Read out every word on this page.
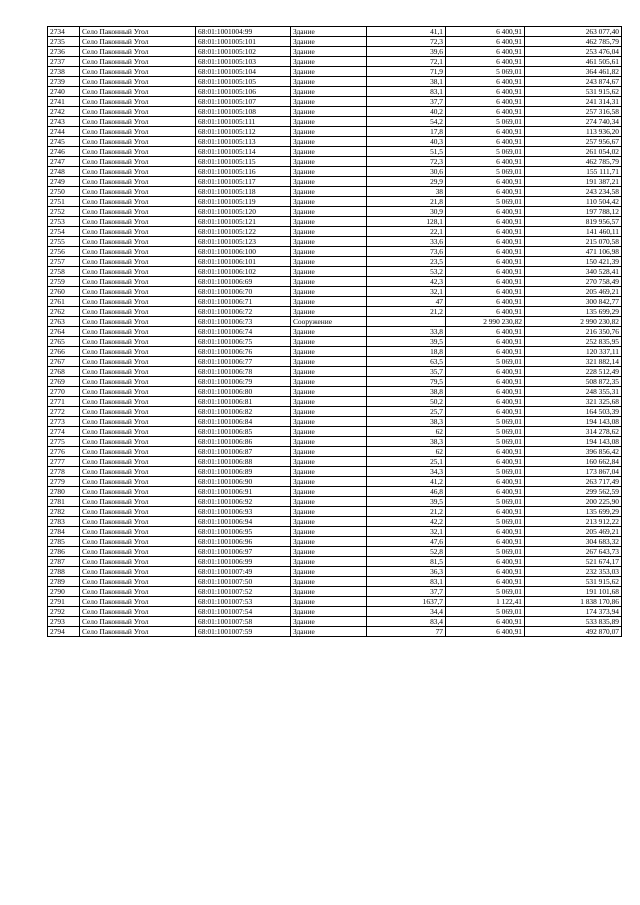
2734	Село Паконный Угол	68:01:1001004:99	Здание	41,1	6 400,91	263 077,40
2735	Село Паконный Угол	68:01:1001005:101	Здание	72,3	6 400,91	462 785,79
2736	Село Паконный Угол	68:01:1001005:102	Здание	39,6	6 400,91	253 476,04
2737	Село Паконный Угол	68:01:1001005:103	Здание	72,1	6 400,91	461 505,61
2738	Село Паконный Угол	68:01:1001005:104	Здание	71,9	5 069,01	364 461,82
2739	Село Паконный Угол	68:01:1001005:105	Здание	38,1	6 400,91	243 874,67
2740	Село Паконный Угол	68:01:1001005:106	Здание	83,1	6 400,91	531 915,62
2741	Село Паконный Угол	68:01:1001005:107	Здание	37,7	6 400,91	241 314,31
2742	Село Паконный Угол	68:01:1001005:108	Здание	40,2	6 400,91	257 316,58
2743	Село Паконный Угол	68:01:1001005:111	Здание	54,2	5 069,01	274 740,34
2744	Село Паконный Угол	68:01:1001005:112	Здание	17,8	6 400,91	113 936,20
2745	Село Паконный Угол	68:01:1001005:113	Здание	40,3	6 400,91	257 956,67
2746	Село Паконный Угол	68:01:1001005:114	Здание	51,5	5 069,01	261 054,02
2747	Село Паконный Угол	68:01:1001005:115	Здание	72,3	6 400,91	462 785,79
2748	Село Паконный Угол	68:01:1001005:116	Здание	30,6	5 069,01	155 111,71
2749	Село Паконный Угол	68:01:1001005:117	Здание	29,9	6 400,91	191 387,21
2750	Село Паконный Угол	68:01:1001005:118	Здание	38	6 400,91	243 234,58
2751	Село Паконный Угол	68:01:1001005:119	Здание	21,8	5 069,01	110 504,42
2752	Село Паконный Угол	68:01:1001005:120	Здание	30,9	6 400,91	197 788,12
2753	Село Паконный Угол	68:01:1001005:121	Здание	128,1	6 400,91	819 956,57
2754	Село Паконный Угол	68:01:1001005:122	Здание	22,1	6 400,91	141 460,11
2755	Село Паконный Угол	68:01:1001005:123	Здание	33,6	6 400,91	215 070,58
2756	Село Паконный Угол	68:01:1001006:100	Здание	73,6	6 400,91	471 106,98
2757	Село Паконный Угол	68:01:1001006:101	Здание	23,5	6 400,91	150 421,39
2758	Село Паконный Угол	68:01:1001006:102	Здание	53,2	6 400,91	340 528,41
2759	Село Паконный Угол	68:01:1001006:69	Здание	42,3	6 400,91	270 758,49
2760	Село Паконный Угол	68:01:1001006:70	Здание	32,1	6 400,91	205 469,21
2761	Село Паконный Угол	68:01:1001006:71	Здание	47	6 400,91	300 842,77
2762	Село Паконный Угол	68:01:1001006:72	Здание	21,2	6 400,91	135 699,29
2763	Село Паконный Угол	68:01:1001006:73	Сооружение		2 990 230,82	2 990 230,82
2764	Село Паконный Угол	68:01:1001006:74	Здание	33,8	6 400,91	216 350,76
2765	Село Паконный Угол	68:01:1001006:75	Здание	39,5	6 400,91	252 835,95
2766	Село Паконный Угол	68:01:1001006:76	Здание	18,8	6 400,91	120 337,11
2767	Село Паконный Угол	68:01:1001006:77	Здание	63,5	5 069,01	321 882,14
2768	Село Паконный Угол	68:01:1001006:78	Здание	35,7	6 400,91	228 512,49
2769	Село Паконный Угол	68:01:1001006:79	Здание	79,5	6 400,91	508 872,35
2770	Село Паконный Угол	68:01:1001006:80	Здание	38,8	6 400,91	248 355,31
2771	Село Паконный Угол	68:01:1001006:81	Здание	50,2	6 400,91	321 325,68
2772	Село Паконный Угол	68:01:1001006:82	Здание	25,7	6 400,91	164 503,39
2773	Село Паконный Угол	68:01:1001006:84	Здание	38,3	5 069,01	194 143,08
2774	Село Паконный Угол	68:01:1001006:85	Здание	62	5 069,01	314 278,62
2775	Село Паконный Угол	68:01:1001006:86	Здание	38,3	5 069,01	194 143,08
2776	Село Паконный Угол	68:01:1001006:87	Здание	62	6 400,91	396 856,42
2777	Село Паконный Угол	68:01:1001006:88	Здание	25,1	6 400,91	160 662,84
2778	Село Паконный Угол	68:01:1001006:89	Здание	34,3	5 069,01	173 867,04
2779	Село Паконный Угол	68:01:1001006:90	Здание	41,2	6 400,91	263 717,49
2780	Село Паконный Угол	68:01:1001006:91	Здание	46,8	6 400,91	299 562,59
2781	Село Паконный Угол	68:01:1001006:92	Здание	39,5	5 069,01	200 225,90
2782	Село Паконный Угол	68:01:1001006:93	Здание	21,2	6 400,91	135 699,29
2783	Село Паконный Угол	68:01:1001006:94	Здание	42,2	5 069,01	213 912,22
2784	Село Паконный Угол	68:01:1001006:95	Здание	32,1	6 400,91	205 469,21
2785	Село Паконный Угол	68:01:1001006:96	Здание	47,6	6 400,91	304 683,32
2786	Село Паконный Угол	68:01:1001006:97	Здание	52,8	5 069,01	267 643,73
2787	Село Паконный Угол	68:01:1001006:99	Здание	81,5	6 400,91	521 674,17
2788	Село Паконный Угол	68:01:1001007:49	Здание	36,3	6 400,91	232 353,03
2789	Село Паконный Угол	68:01:1001007:50	Здание	83,1	6 400,91	531 915,62
2790	Село Паконный Угол	68:01:1001007:52	Здание	37,7	5 069,01	191 101,68
2791	Село Паконный Угол	68:01:1001007:53	Здание	1637,7	1 122,41	1 838 170,86
2792	Село Паконный Угол	68:01:1001007:54	Здание	34,4	5 069,01	174 373,94
2793	Село Паконный Угол	68:01:1001007:58	Здание	83,4	6 400,91	533 835,89
2794	Село Паконный Угол	68:01:1001007:59	Здание	77	6 400,91	492 870,07
